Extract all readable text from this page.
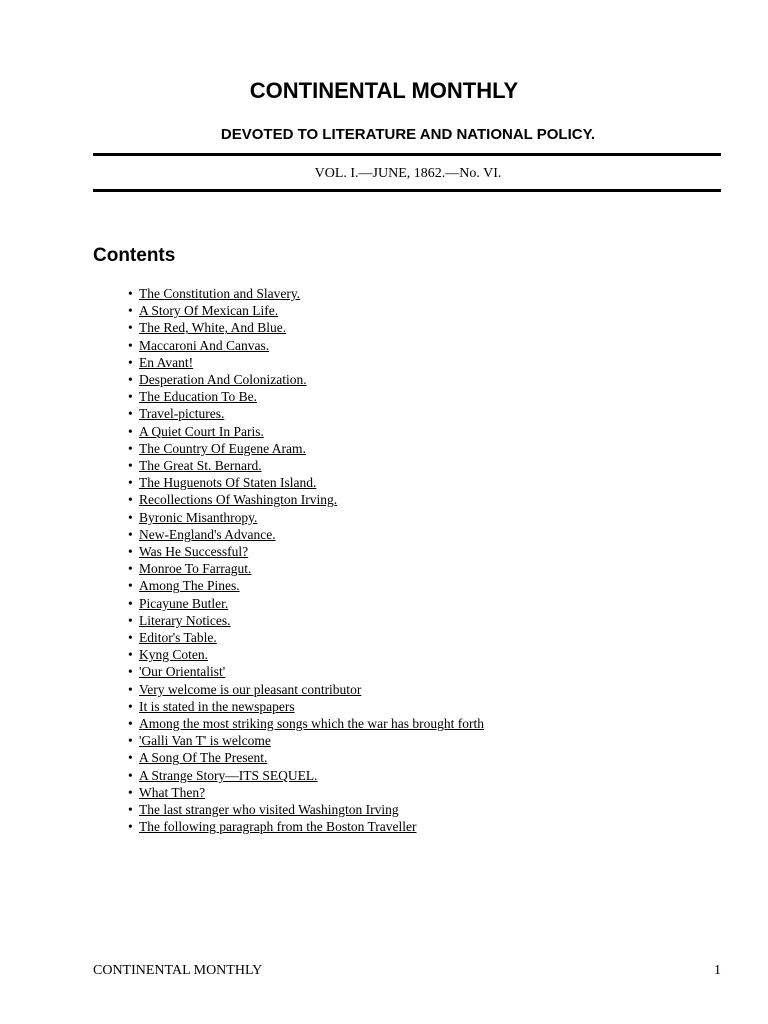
CONTINENTAL MONTHLY
DEVOTED TO LITERATURE AND NATIONAL POLICY.
VOL. I.—JUNE, 1862.—No. VI.
Contents
• The Constitution and Slavery.
• A Story Of Mexican Life.
• The Red, White, And Blue.
• Maccaroni And Canvas.
• En Avant!
• Desperation And Colonization.
• The Education To Be.
• Travel-pictures.
• A Quiet Court In Paris.
• The Country Of Eugene Aram.
• The Great St. Bernard.
• The Huguenots Of Staten Island.
• Recollections Of Washington Irving.
• Byronic Misanthropy.
• New-England's Advance.
• Was He Successful?
• Monroe To Farragut.
• Among The Pines.
• Picayune Butler.
• Literary Notices.
• Editor's Table.
• Kyng Coten.
• 'Our Orientalist'
• Very welcome is our pleasant contributor
• It is stated in the newspapers
• Among the most striking songs which the war has brought forth
• 'Galli Van T' is welcome
• A Song Of The Present.
• A Strange Story—ITS SEQUEL.
• What Then?
• The last stranger who visited Washington Irving
• The following paragraph from the Boston Traveller
CONTINENTAL MONTHLY	1
